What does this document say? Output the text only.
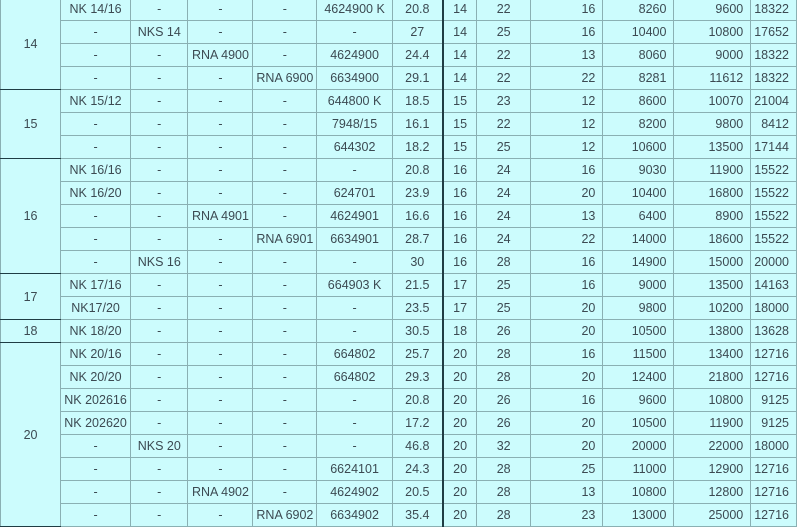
14	NK 14/16	-	-	-	4624900 K	20.8	14	22	16	8260	9600	18322
	-	NKS 14	-	-	-	27	14	25	16	10400	10800	17652
	-	-	RNA 4900	-	4624900	24.4	14	22	13	8060	9000	18322
	-	-	-	RNA 6900	6634900	29.1	14	22	22	8281	11612	18322
15	NK 15/12	-	-	-	644800 K	18.5	15	23	12	8600	10070	21004
	-	-	-	-	7948/15	16.1	15	22	12	8200	9800	8412
	-	-	-	-	644302	18.2	15	25	12	10600	13500	17144
16	NK 16/16	-	-	-	-	20.8	16	24	16	9030	11900	15522
	NK 16/20	-	-	-	624701	23.9	16	24	20	10400	16800	15522
	-	-	RNA 4901	-	4624901	16.6	16	24	13	6400	8900	15522
	-	-	-	RNA 6901	6634901	28.7	16	24	22	14000	18600	15522
	-	NKS 16	-	-	-	30	16	28	16	14900	15000	20000
17	NK 17/16	-	-	-	664903 K	21.5	17	25	16	9000	13500	14163
	NK17/20	-	-	-	-	23.5	17	25	20	9800	10200	18000
18	NK 18/20	-	-	-	-	30.5	18	26	20	10500	13800	13628
20	NK 20/16	-	-	-	664802	25.7	20	28	16	11500	13400	12716
	NK 20/20	-	-	-	664802	29.3	20	28	20	12400	21800	12716
	NK 202616	-	-	-	-	20.8	20	26	16	9600	10800	9125
	NK 202620	-	-	-	-	17.2	20	26	20	10500	11900	9125
	-	NKS 20	-	-	-	46.8	20	32	20	20000	22000	18000
	-	-	-	-	6624101	24.3	20	28	25	11000	12900	12716
	-	-	RNA 4902	-	4624902	20.5	20	28	13	10800	12800	12716
	-	-	-	RNA 6902	6634902	35.4	20	28	23	13000	25000	12716
